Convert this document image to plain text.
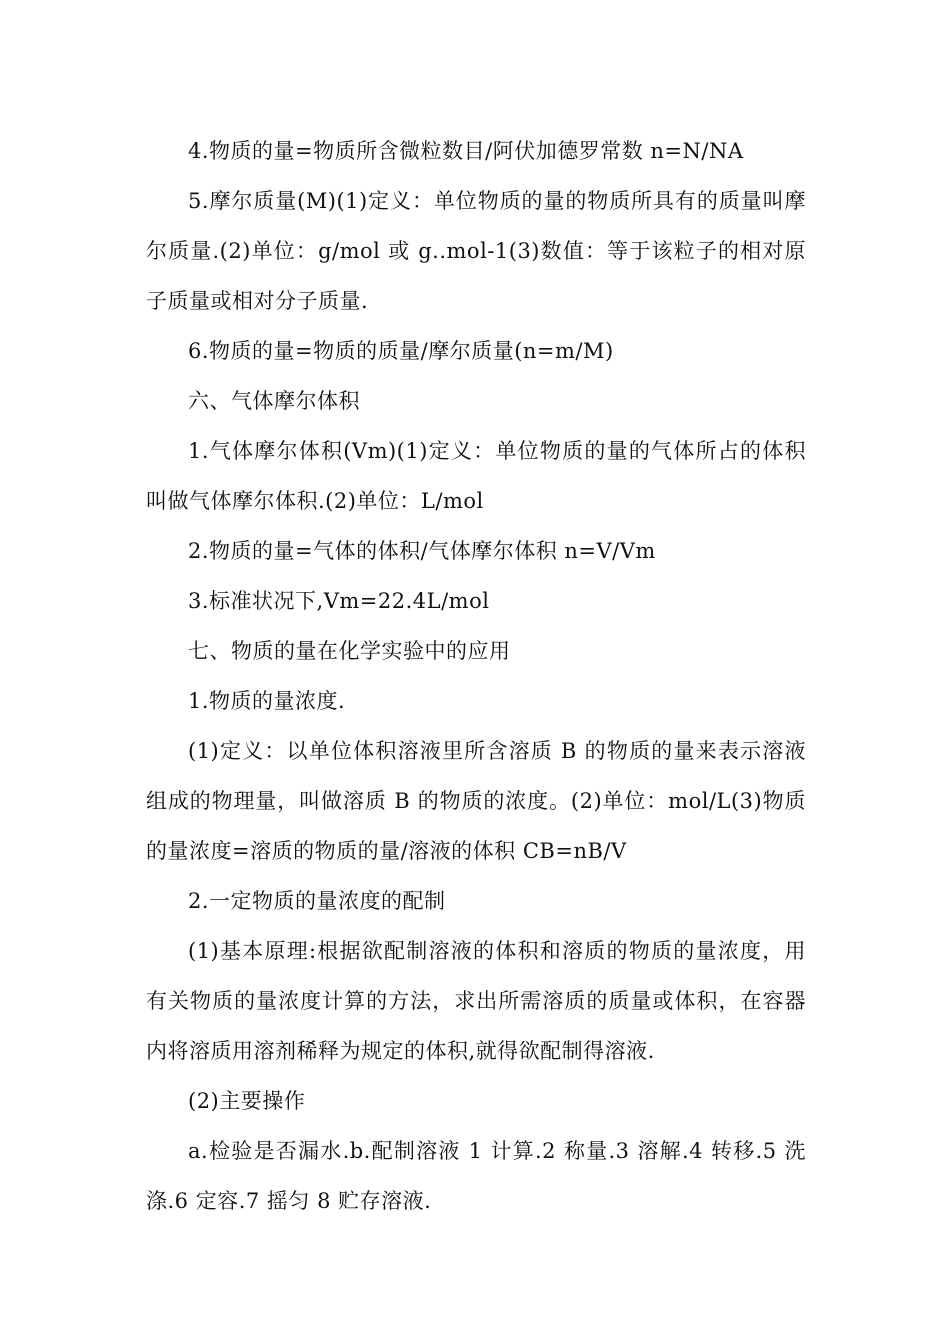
4.物质的量=物质所含微粒数目/阿伏加德罗常数 n=N/NA

5.摩尔质量(M)(1)定义：单位物质的量的物质所具有的质量叫摩尔质量.(2)单位：g/mol 或 g..mol-1(3)数值：等于该粒子的相对原子质量或相对分子质量.

6.物质的量=物质的质量/摩尔质量(n=m/M)

六、气体摩尔体积

1.气体摩尔体积(Vm)(1)定义：单位物质的量的气体所占的体积叫做气体摩尔体积.(2)单位：L/mol

2.物质的量=气体的体积/气体摩尔体积 n=V/Vm

3.标准状况下,Vm=22.4L/mol

七、物质的量在化学实验中的应用

1.物质的量浓度.

(1)定义：以单位体积溶液里所含溶质 B 的物质的量来表示溶液组成的物理量，叫做溶质 B 的物质的浓度。(2)单位：mol/L(3)物质的量浓度=溶质的物质的量/溶液的体积 CB=nB/V

2.一定物质的量浓度的配制

(1)基本原理:根据欲配制溶液的体积和溶质的物质的量浓度，用有关物质的量浓度计算的方法，求出所需溶质的质量或体积，在容器内将溶质用溶剂稀释为规定的体积,就得欲配制得溶液.

(2)主要操作

a.检验是否漏水.b.配制溶液 1 计算.2 称量.3 溶解.4 转移.5 洗涤.6 定容.7 摇匀 8 贮存溶液.
